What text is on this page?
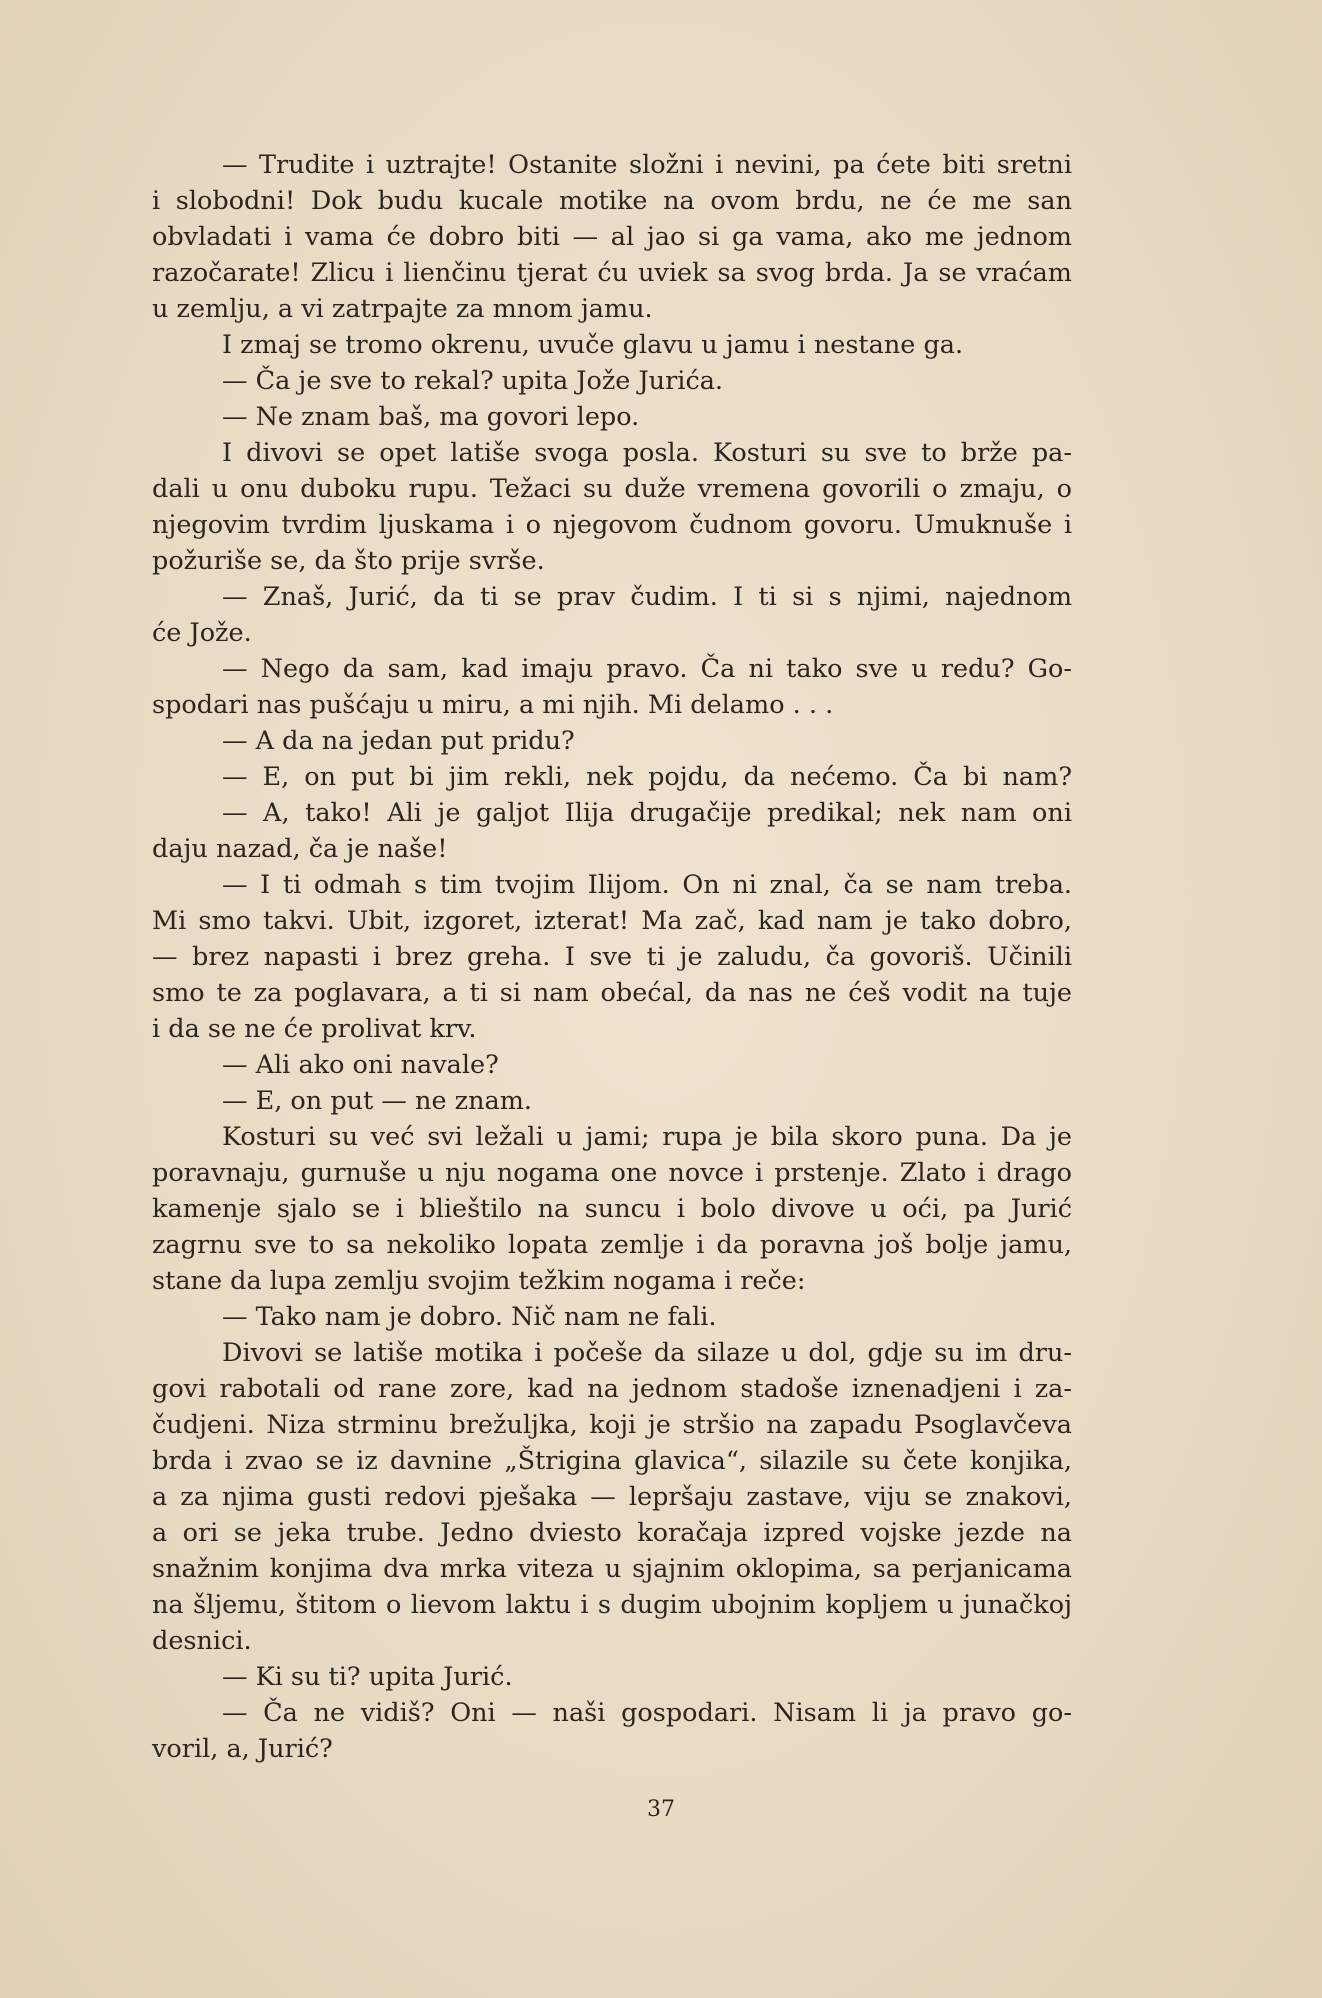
— Trudite i uztrajte! Ostanite složni i nevini, pa ćete biti sretni
i slobodni! Dok budu kucale motike na ovom brdu, ne će me san
obvladati i vama će dobro biti — al jao si ga vama, ako me jednom
razočarate! Zlicu i lienčinu tjerat ću uviek sa svog brda. Ja se vraćam
u zemlju, a vi zatrpajte za mnom jamu.
I zmaj se tromo okrenu, uvuče glavu u jamu i nestane ga.
— Ča je sve to rekal? upita Jože Jurića.
— Ne znam baš, ma govori lepo.
I divovi se opet latiše svoga posla. Kosturi su sve to brže pa-
dali u onu duboku rupu. Težaci su duže vremena govorili o zmaju, o
njegovim tvrdim ljuskama i o njegovom čudnom govoru. Umuknuše i
požuriše se, da što prije svrše.
— Znaš, Jurić, da ti se prav čudim. I ti si s njimi, najednom
će Jože.
— Nego da sam, kad imaju pravo. Ča ni tako sve u redu? Go-
spodari nas pušćaju u miru, a mi njih. Mi delamo . . .
— A da na jedan put pridu?
— E, on put bi jim rekli, nek pojdu, da nećemo. Ča bi nam?
— A, tako! Ali je galjot Ilija drugačije predikal; nek nam oni
daju nazad, ča je naše!
— I ti odmah s tim tvojim Ilijom. On ni znal, ča se nam treba.
Mi smo takvi. Ubit, izgoret, izterat! Ma zač, kad nam je tako dobro,
— brez napasti i brez greha. I sve ti je zaludu, ča govoriš. Učinili
smo te za poglavara, a ti si nam obećal, da nas ne ćeš vodit na tuje
i da se ne će prolivat krv.
— Ali ako oni navale?
— E, on put — ne znam.
Kosturi su već svi ležali u jami; rupa je bila skoro puna. Da je
poravnaju, gurnuše u nju nogama one novce i prstenje. Zlato i drago
kamenje sjalo se i blieštilo na suncu i bolo divove u oći, pa Jurić
zagrnu sve to sa nekoliko lopata zemlje i da poravna još bolje jamu,
stane da lupa zemlju svojim težkim nogama i reče:
— Tako nam je dobro. Nič nam ne fali.
Divovi se latiše motika i počeše da silaze u dol, gdje su im dru-
govi rabotali od rane zore, kad na jednom stadoše iznenadjeni i za-
čudjeni. Niza strminu brežuljka, koji je stršio na zapadu Psoglavčeva
brda i zvao se iz davnine „Štrigina glavica“, silazile su čete konjika,
a za njima gusti redovi pješaka — lepršaju zastave, viju se znakovi,
a ori se jeka trube. Jedno dviesto koračaja izpred vojske jezde na
snažnim konjima dva mrka viteza u sjajnim oklopima, sa perjanicama
na šljemu, štitom o lievom laktu i s dugim ubojnim kopljem u junačkoj
desnici.
— Ki su ti? upita Jurić.
— Ča ne vidiš? Oni — naši gospodari. Nisam li ja pravo go-
voril, a, Jurić?
37
